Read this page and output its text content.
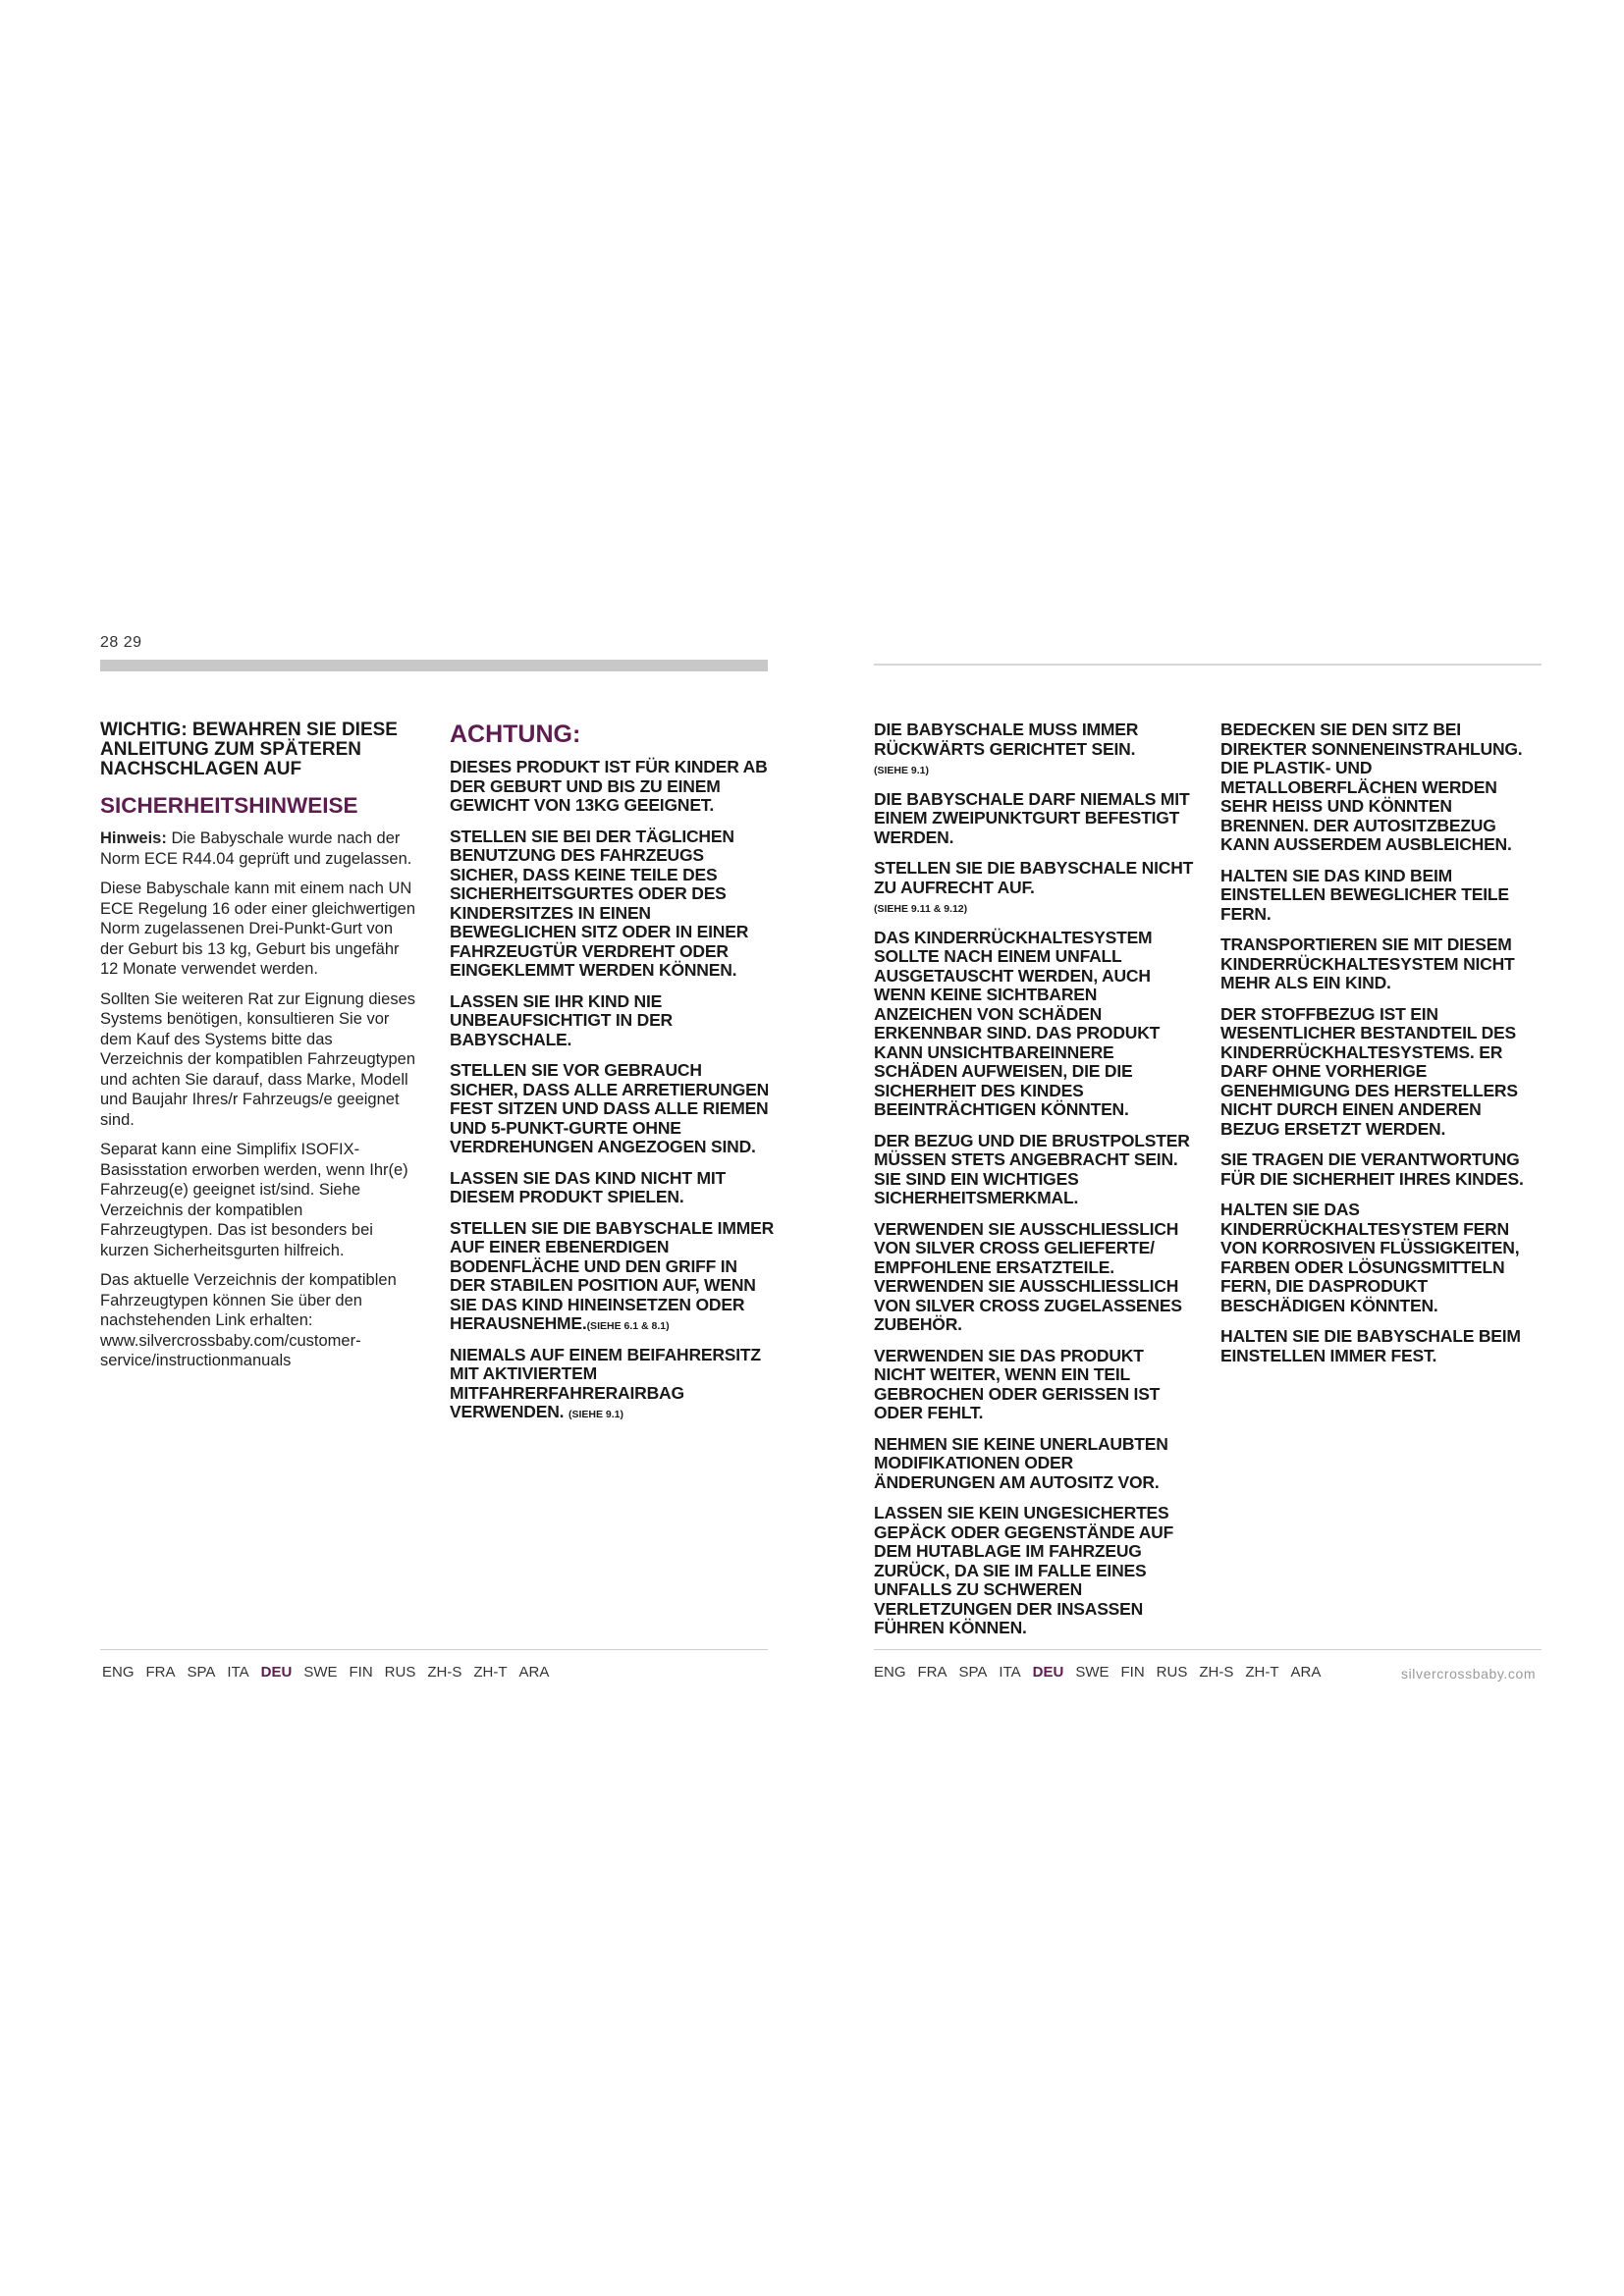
28 29

WICHTIG: BEWAHREN SIE DIESE ANLEITUNG ZUM SPÄTEREN NACHSCHLAGEN AUF

SICHERHEITSHINWEISE

Hinweis: Die Babyschale wurde nach der Norm ECE R44.04 geprüft und zugelassen.

Diese Babyschale kann mit einem nach UN ECE Regelung 16 oder einer gleichwertigen Norm zugelassenen Drei-Punkt-Gurt von der Geburt bis 13 kg, Geburt bis ungefähr 12 Monate verwendet werden.

Sollten Sie weiteren Rat zur Eignung dieses Systems benötigen, konsultieren Sie vor dem Kauf des Systems bitte das Verzeichnis der kompatiblen Fahrzeugtypen und achten Sie darauf, dass Marke, Modell und Baujahr Ihres/r Fahrzeugs/e geeignet sind.

Separat kann eine Simplifix ISOFIX-Basisstation erworben werden, wenn Ihr(e) Fahrzeug(e) geeignet ist/sind. Siehe Verzeichnis der kompatiblen Fahrzeugtypen. Das ist besonders bei kurzen Sicherheitsgurten hilfreich.

Das aktuelle Verzeichnis der kompatiblen Fahrzeugtypen können Sie über den nachstehenden Link erhalten: www.silvercrossbaby.com/customer-service/instructionmanuals

ACHTUNG:

DIESES PRODUKT IST FÜR KINDER AB DER GEBURT UND BIS ZU EINEM GEWICHT VON 13KG GEEIGNET.

STELLEN SIE BEI DER TÄGLICHEN BENUTZUNG DES FAHRZEUGS SICHER, DASS KEINE TEILE DES SICHERHEITSGURTES ODER DES KINDERSITZES IN EINEN BEWEGLICHEN SITZ ODER IN EINER FAHRZEUGTÜR VERDREHT ODER EINGEKLEMMT WERDEN KÖNNEN.

LASSEN SIE IHR KIND NIE UNBEAUFSICHTIGT IN DER BABYSCHALE.

STELLEN SIE VOR GEBRAUCH SICHER, DASS ALLE ARRETIERUNGEN FEST SITZEN UND DASS ALLE RIEMEN UND 5-PUNKT-GURTE OHNE VERDREHUNGEN ANGEZOGEN SIND.

LASSEN SIE DAS KIND NICHT MIT DIESEM PRODUKT SPIELEN.

STELLEN SIE DIE BABYSCHALE IMMER AUF EINER EBENERDIGEN BODENFLÄCHE UND DEN GRIFF IN DER STABILEN POSITION AUF, WENN SIE DAS KIND HINEINSETZEN ODER HERAUSNEHME.(SIEHE 6.1 & 8.1)

NIEMALS AUF EINEM BEIFAHRERSITZ MIT AKTIVIERTEM MITFAHRERFAHRERAIRBAG VERWENDEN. (SIEHE 9.1)

DIE BABYSCHALE MUSS IMMER RÜCKWÄRTS GERICHTET SEIN.
(SIEHE 9.1)

DIE BABYSCHALE DARF NIEMALS MIT EINEM ZWEIPUNKTGURT BEFESTIGT WERDEN.

STELLEN SIE DIE BABYSCHALE NICHT ZU AUFRECHT AUF.
(SIEHE 9.11 & 9.12)

DAS KINDERRÜCKHALTESYSTEM SOLLTE NACH EINEM UNFALL AUSGETAUSCHT WERDEN, AUCH WENN KEINE SICHTBAREN ANZEICHEN VON SCHÄDEN ERKENNBAR SIND. DAS PRODUKT KANN UNSICHTBAREINNERE SCHÄDEN AUFWEISEN, DIE DIE SICHERHEIT DES KINDES BEEINTRÄCHTIGEN KÖNNTEN.

DER BEZUG UND DIE BRUSTPOLSTER MÜSSEN STETS ANGEBRACHT SEIN. SIE SIND EIN WICHTIGES SICHERHEITSMERKMAL.

VERWENDEN SIE AUSSCHLIESSLICH VON SILVER CROSS GELIEFERTE/ EMPFOHLENE ERSATZTEILE. VERWENDEN SIE AUSSCHLIESSLICH VON SILVER CROSS ZUGELASSENES ZUBEHÖR.

VERWENDEN SIE DAS PRODUKT NICHT WEITER, WENN EIN TEIL GEBROCHEN ODER GERISSEN IST ODER FEHLT.

NEHMEN SIE KEINE UNERLAUBTEN MODIFIKATIONEN ODER ÄNDERUNGEN AM AUTOSITZ VOR.

LASSEN SIE KEIN UNGESICHERTES GEPÄCK ODER GEGENSTÄNDE AUF DEM HUTABLAGE IM FAHRZEUG ZURÜCK, DA SIE IM FALLE EINES UNFALLS ZU SCHWEREN VERLETZUNGEN DER INSASSEN FÜHREN KÖNNEN.

BEDECKEN SIE DEN SITZ BEI DIREKTER SONNENEINSTRAHLUNG. DIE PLASTIK- UND METALLOBERFLÄCHEN WERDEN SEHR HEISS UND KÖNNTEN BRENNEN. DER AUTOSITZBEZUG KANN AUSSERDEM AUSBLEICHEN.

HALTEN SIE DAS KIND BEIM EINSTELLEN BEWEGLICHER TEILE FERN.

TRANSPORTIEREN SIE MIT DIESEM KINDERRÜCKHALTESYSTEM NICHT MEHR ALS EIN KIND.

DER STOFFBEZUG IST EIN WESENTLICHER BESTANDTEIL DES KINDERRÜCKHALTESYSTEMS. ER DARF OHNE VORHERIGE GENEHMIGUNG DES HERSTELLERS NICHT DURCH EINEN ANDEREN BEZUG ERSETZT WERDEN.

SIE TRAGEN DIE VERANTWORTUNG FÜR DIE SICHERHEIT IHRES KINDES.

HALTEN SIE DAS KINDERRÜCKHALTESYSTEM FERN VON KORROSIVEN FLÜSSIGKEITEN, FARBEN ODER LÖSUNGSMITTELN FERN, DIE DASPRODUKT BESCHÄDIGEN KÖNNTEN.

HALTEN SIE DIE BABYSCHALE BEIM EINSTELLEN IMMER FEST.

ENG FRA SPA ITA DEU SWE FIN RUS ZH-S ZH-T ARA	ENG FRA SPA ITA DEU SWE FIN RUS ZH-S ZH-T ARA	silvercrossbaby.com
